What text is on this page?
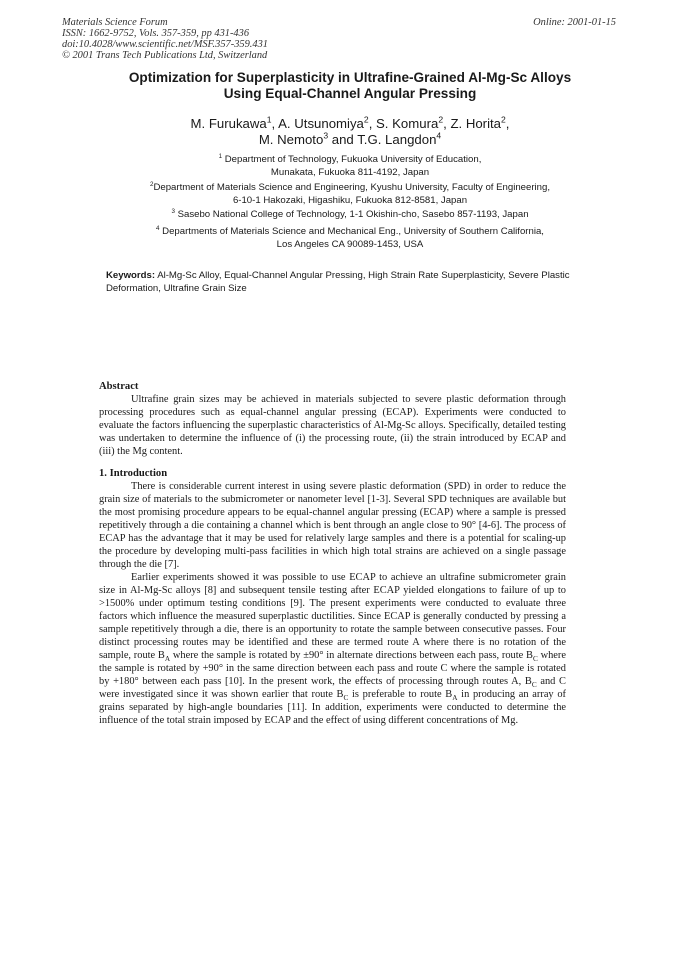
Materials Science Forum
ISSN: 1662-9752, Vols. 357-359, pp 431-436
doi:10.4028/www.scientific.net/MSF.357-359.431
© 2001 Trans Tech Publications Ltd, Switzerland
Online: 2001-01-15
Optimization for Superplasticity in Ultrafine-Grained Al-Mg-Sc Alloys
Using Equal-Channel Angular Pressing
M. Furukawa$^1$, A. Utsunomiya$^2$, S. Komura$^2$, Z. Horita$^2$,
M. Nemoto$^3$ and T.G. Langdon$^4$
$^1$ Department of Technology, Fukuoka University of Education,
Munakata, Fukuoka 811-4192, Japan
$^2$Department of Materials Science and Engineering, Kyushu University, Faculty of Engineering,
6-10-1 Hakozaki, Higashiku, Fukuoka 812-8581, Japan
$^3$ Sasebo National College of Technology, 1-1 Okishin-cho, Sasebo 857-1193, Japan
$^4$ Departments of Materials Science and Mechanical Eng., University of Southern California,
Los Angeles CA 90089-1453, USA
Keywords: Al-Mg-Sc Alloy, Equal-Channel Angular Pressing, High Strain Rate Superplasticity, Severe Plastic Deformation, Ultrafine Grain Size
Abstract

Ultrafine grain sizes may be achieved in materials subjected to severe plastic deformation through processing procedures such as equal-channel angular pressing (ECAP). Experiments were conducted to evaluate the factors influencing the superplastic characteristics of Al-Mg-Sc alloys. Specifically, detailed testing was undertaken to determine the influence of (i) the processing route, (ii) the strain introduced by ECAP and (iii) the Mg content.

1. Introduction

There is considerable current interest in using severe plastic deformation (SPD) in order to reduce the grain size of materials to the submicrometer or nanometer level [1-3]. Several SPD techniques are available but the most promising procedure appears to be equal-channel angular pressing (ECAP) where a sample is pressed repetitively through a die containing a channel which is bent through an angle close to 90° [4-6]. The process of ECAP has the advantage that it may be used for relatively large samples and there is a potential for scaling-up the procedure by developing multi-pass facilities in which high total strains are achieved on a single passage through the die [7].

Earlier experiments showed it was possible to use ECAP to achieve an ultrafine submicrometer grain size in Al-Mg-Sc alloys [8] and subsequent tensile testing after ECAP yielded elongations to failure of up to >1500% under optimum testing conditions [9]. The present experiments were conducted to evaluate three factors which influence the measured superplastic ductilities. Since ECAP is generally conducted by pressing a sample repetitively through a die, there is an opportunity to rotate the sample between consecutive passes. Four distinct processing routes may be identified and these are termed route A where there is no rotation of the sample, route $B_A$ where the sample is rotated by ±90° in alternate directions between each pass, route $B_C$ where the sample is rotated by +90° in the same direction between each pass and route C where the sample is rotated by +180° between each pass [10]. In the present work, the effects of processing through routes A, $B_C$ and C were investigated since it was shown earlier that route $B_C$ is preferable to route $B_A$ in producing an array of grains separated by high-angle boundaries [11]. In addition, experiments were conducted to determine the influence of the total strain imposed by ECAP and the effect of using different concentrations of Mg.
